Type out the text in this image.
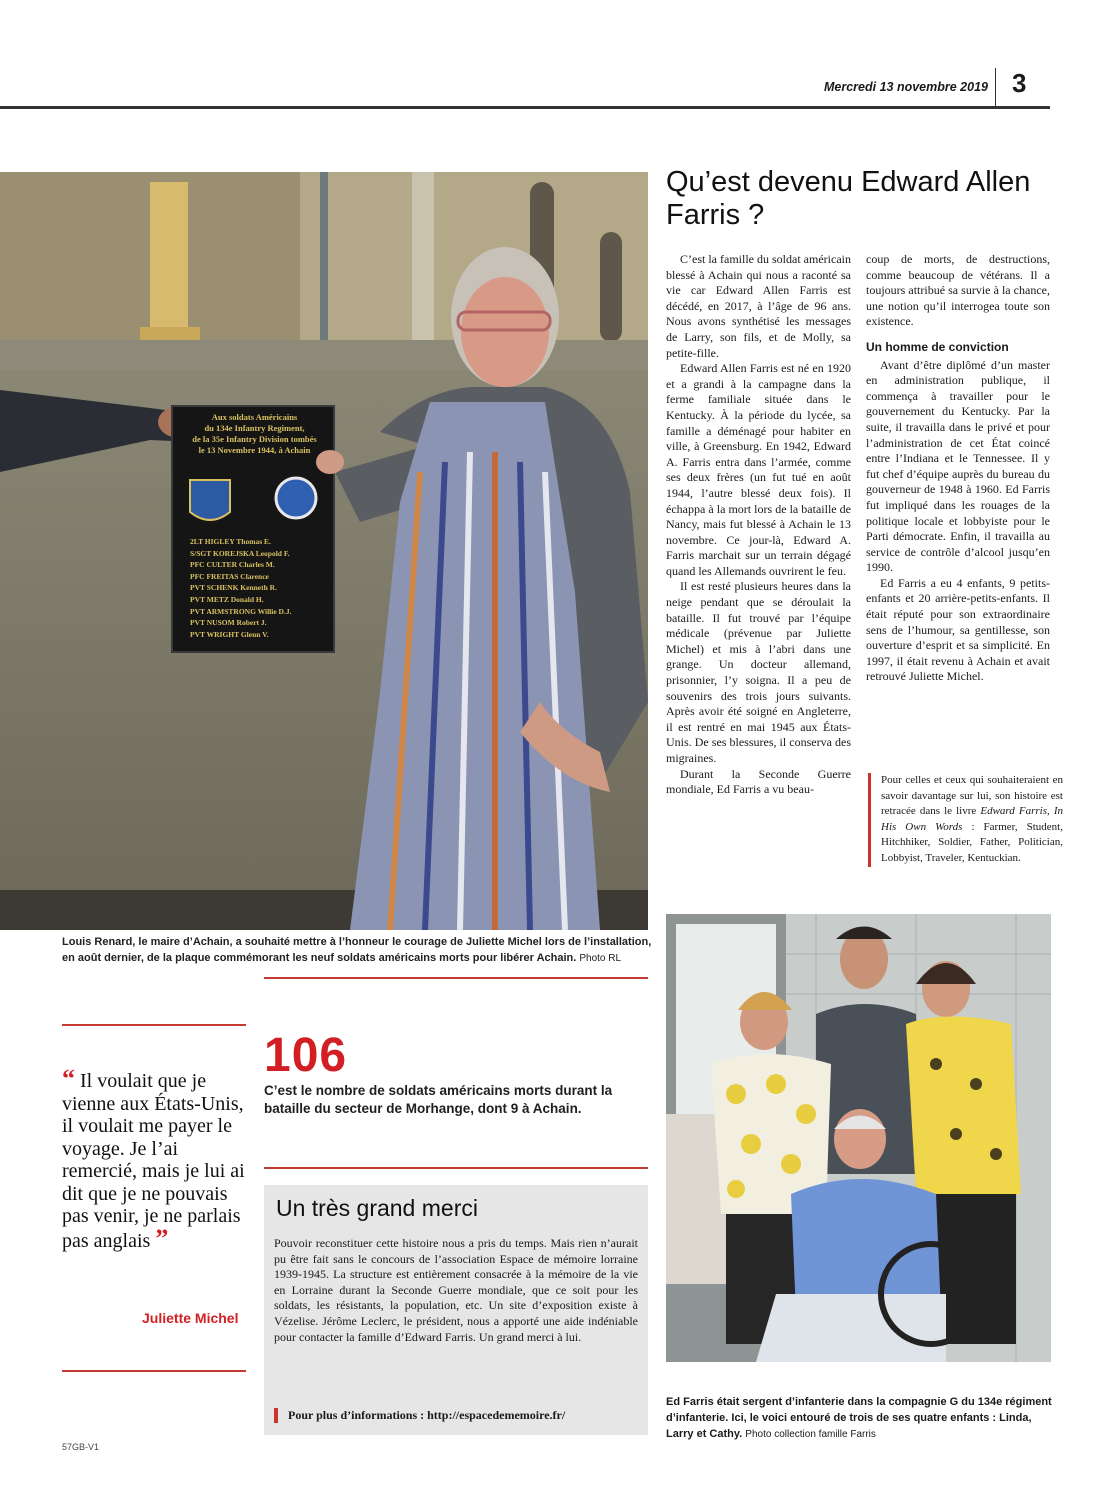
Mercredi 13 novembre 2019 3
Aux soldats Américains
du 134e Infantry Regiment,
de la 35e Infantry Division tombés
le 13 Novembre 1944, à Achain
2LT HIGLEY Thomas E.
S/SGT KOREJSKA Leopold F.
PFC CULTER Charles M.
PFC FREITAS Clarence
PVT SCHENK Kenneth R.
PVT METZ Donald H.
PVT ARMSTRONG Willie D.J.
PVT NUSOM Robert J.
PVT WRIGHT Glenn V.
Louis Renard, le maire d’Achain, a souhaité mettre à l’honneur le courage de Juliette Michel lors de l’installation, en août dernier, de la plaque commémorant les neuf soldats américains morts pour libérer Achain. Photo RL
Qu’est devenu Edward Allen Farris ?

C’est la famille du soldat américain blessé à Achain qui nous a raconté sa vie car Edward Allen Farris est décédé, en 2017, à l’âge de 96 ans. Nous avons synthétisé les messages de Larry, son fils, et de Molly, sa petite-fille.

Edward Allen Farris est né en 1920 et a grandi à la campagne dans la ferme familiale située dans le Kentucky. À la période du lycée, sa famille a déménagé pour habiter en ville, à Greensburg. En 1942, Edward A. Farris entra dans l’armée, comme ses deux frères (un fut tué en août 1944, l’autre blessé deux fois). Il échappa à la mort lors de la bataille de Nancy, mais fut blessé à Achain le 13 novembre. Ce jour-là, Edward A. Farris marchait sur un terrain dégagé quand les Allemands ouvrirent le feu.

Il est resté plusieurs heures dans la neige pendant que se déroulait la bataille. Il fut trouvé par l’équipe médicale (prévenue par Juliette Michel) et mis à l’abri dans une grange. Un docteur allemand, prisonnier, l’y soigna. Il a peu de souvenirs des trois jours suivants. Après avoir été soigné en Angleterre, il est rentré en mai 1945 aux États-Unis. De ses blessures, il conserva des migraines.

Durant la Seconde Guerre mondiale, Ed Farris a vu beau-

coup de morts, de destructions, comme beaucoup de vétérans. Il a toujours attribué sa survie à la chance, une notion qu’il interrogea toute son existence.

Un homme de conviction

Avant d’être diplômé d’un master en administration publique, il commença à travailler pour le gouvernement du Kentucky. Par la suite, il travailla dans le privé et pour l’administration de cet État coincé entre l’Indiana et le Tennessee. Il y fut chef d’équipe auprès du bureau du gouverneur de 1948 à 1960. Ed Farris fut impliqué dans les rouages de la politique locale et lobbyiste pour le Parti démocrate. Enfin, il travailla au service de contrôle d’alcool jusqu’en 1990.

Ed Farris a eu 4 enfants, 9 petits-enfants et 20 arrière-petits-enfants. Il était réputé pour son extraordinaire sens de l’humour, sa gentillesse, son ouverture d’esprit et sa simplicité. En 1997, il était revenu à Achain et avait retrouvé Juliette Michel.

Pour celles et ceux qui souhaiteraient en savoir davantage sur lui, son histoire est retracée dans le livre Edward Farris, In His Own Words : Farmer, Student, Hitchhiker, Soldier, Father, Politician, Lobbyist, Traveler, Kentuckian.
Ed Farris était sergent d’infanterie dans la compagnie G du 134e régiment d’infanterie. Ici, le voici entouré de trois de ses quatre enfants : Linda, Larry et Cathy. Photo collection famille Farris
106
C’est le nombre de soldats américains morts durant la bataille du secteur de Morhange, dont 9 à Achain.
“ Il voulait que je vienne aux États-Unis, il voulait me payer le voyage. Je l’ai remercié, mais je lui ai dit que je ne pouvais pas venir, je ne parlais pas anglais ”
Juliette Michel
Un très grand merci
Pouvoir reconstituer cette histoire nous a pris du temps. Mais rien n’aurait pu être fait sans le concours de l’association Espace de mémoire lorraine 1939-1945. La structure est entièrement consacrée à la mémoire de la vie en Lorraine durant la Seconde Guerre mondiale, que ce soit pour les soldats, les résistants, la population, etc. Un site d’exposition existe à Vézelise. Jérôme Leclerc, le président, nous a apporté une aide indéniable pour contacter la famille d’Edward Farris. Un grand merci à lui.
Pour plus d’informations : http://espacedememoire.fr/
57GB-V1
